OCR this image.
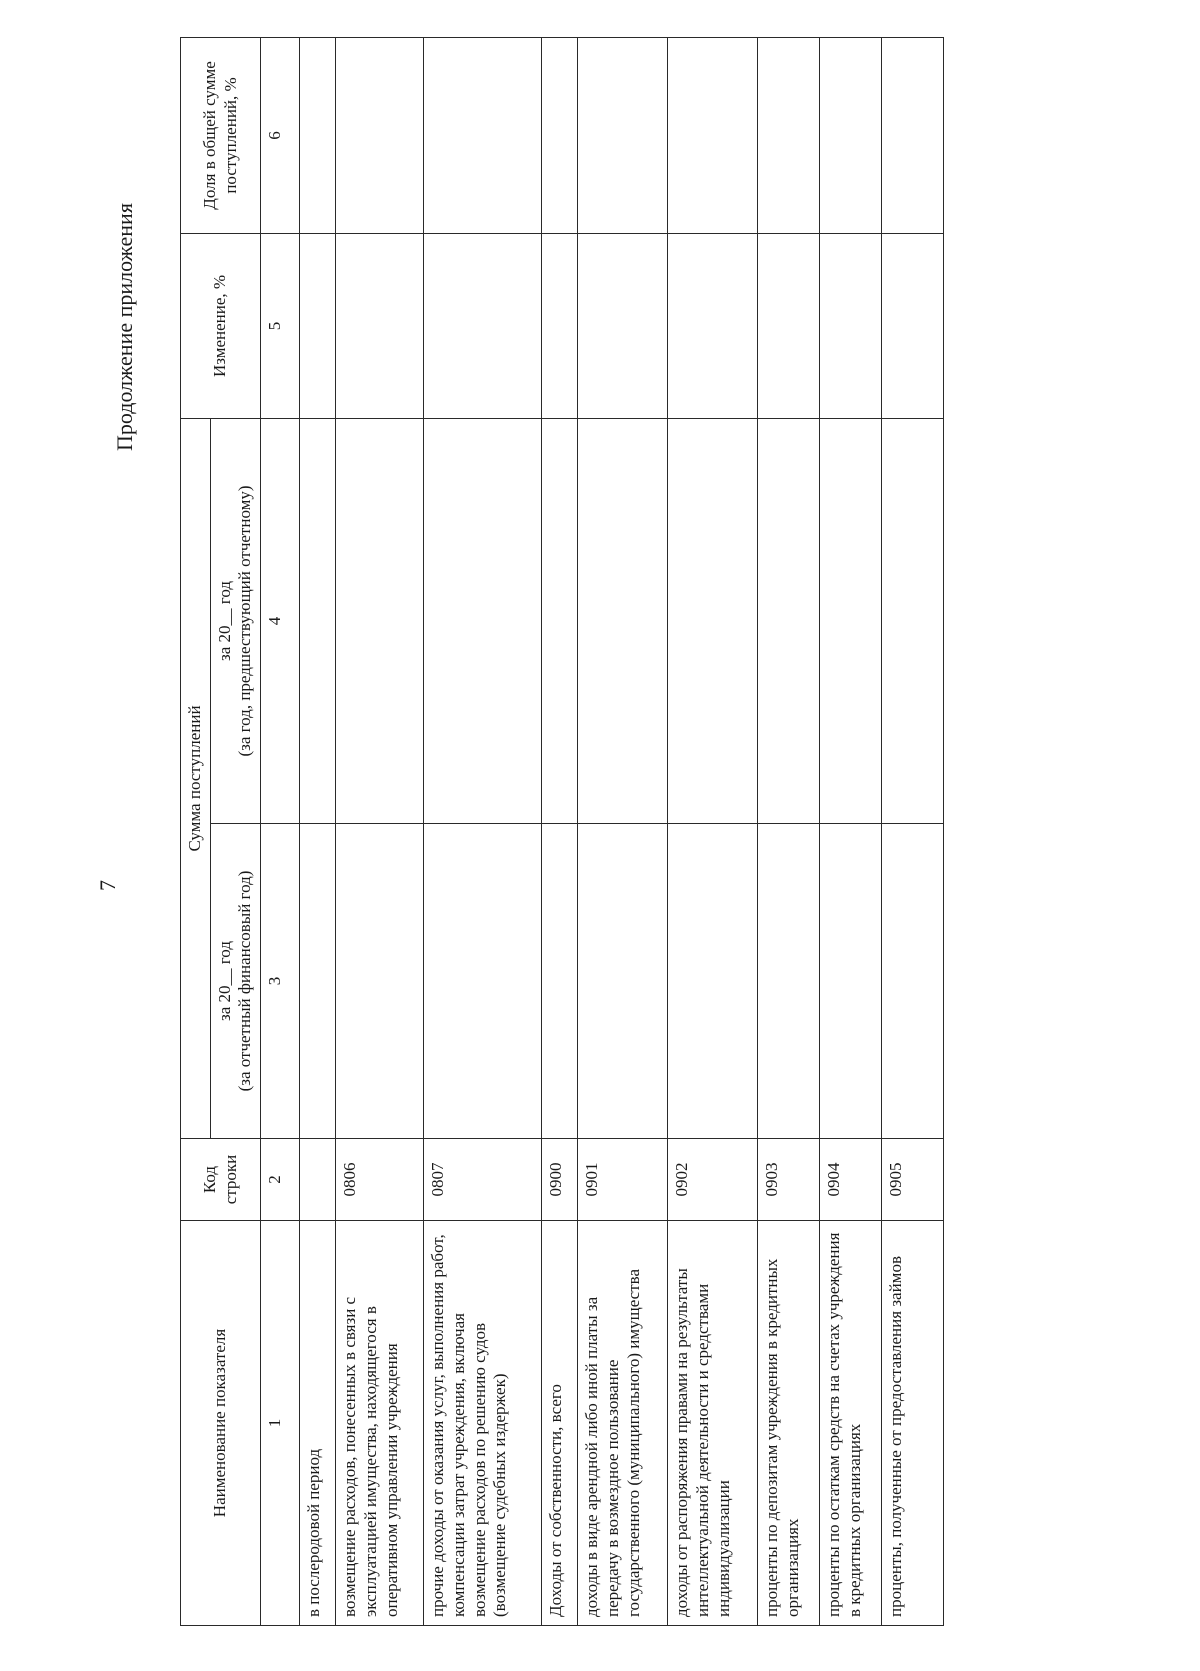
7
Продолжение приложения
Наименование показателя	Код строки	Сумма поступлений		Изменение, %	Доля в общей сумме поступлений, %

		за 20__ год (за отчетный финансовый год)	за 20__ год (за год, предшествующий отчетному)		

1	2	3	4	5	6
в послеродовой период					
возмещение расходов, понесенных в связи с эксплуатацией имущества, находящегося в оперативном управлении учреждения	0806				
прочие доходы от оказания услуг, выполнения работ, компенсации затрат учреждения, включая возмещение расходов по решению судов (возмещение судебных издержек)	0807				
Доходы от собственности, всего	0900				
доходы в виде арендной либо иной платы за передачу в возмездное пользование государственного (муниципального) имущества	0901				
доходы от распоряжения правами на результаты интеллектуальной деятельности и средствами индивидуализации	0902				
проценты по депозитам учреждения в кредитных организациях	0903				
проценты по остаткам средств на счетах учреждения в кредитных организациях	0904				
проценты, полученные от предоставления займов	0905				
